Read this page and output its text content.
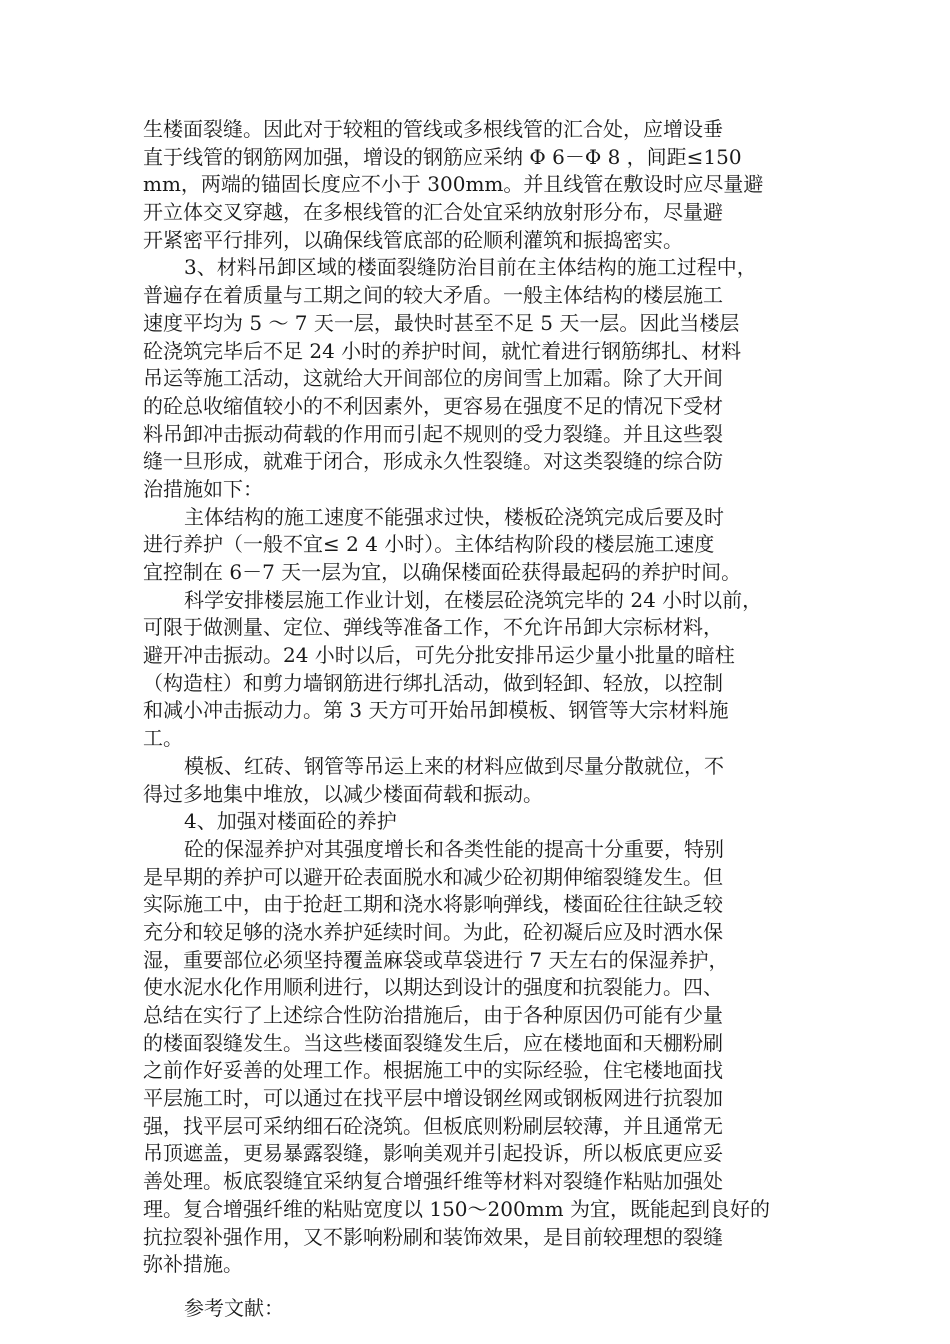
生楼面裂缝。因此对于较粗的管线或多根线管的汇合处，应增设垂
直于线管的钢筋网加强，增设的钢筋应采纳 Φ 6－Φ 8 ，间距≤150
mm，两端的锚固长度应不小于 300mm。并且线管在敷设时应尽量避
开立体交叉穿越，在多根线管的汇合处宜采纳放射形分布，尽量避
开紧密平行排列，以确保线管底部的砼顺利灌筑和振捣密实。
3、材料吊卸区域的楼面裂缝防治目前在主体结构的施工过程中，
普遍存在着质量与工期之间的较大矛盾。一般主体结构的楼层施工
速度平均为 5 ～ 7 天一层，最快时甚至不足 5 天一层。因此当楼层
砼浇筑完毕后不足 24 小时的养护时间，就忙着进行钢筋绑扎、材料
吊运等施工活动，这就给大开间部位的房间雪上加霜。除了大开间
的砼总收缩值较小的不利因素外，更容易在强度不足的情况下受材
料吊卸冲击振动荷载的作用而引起不规则的受力裂缝。并且这些裂
缝一旦形成，就难于闭合，形成永久性裂缝。对这类裂缝的综合防
治措施如下：
主体结构的施工速度不能强求过快，楼板砼浇筑完成后要及时
进行养护（一般不宜≤ 2 4 小时）。主体结构阶段的楼层施工速度
宜控制在 6－7 天一层为宜，以确保楼面砼获得最起码的养护时间。
科学安排楼层施工作业计划，在楼层砼浇筑完毕的 24 小时以前，
可限于做测量、定位、弹线等准备工作，不允许吊卸大宗标材料，
避开冲击振动。24 小时以后，可先分批安排吊运少量小批量的暗柱
（构造柱）和剪力墙钢筋进行绑扎活动，做到轻卸、轻放，以控制
和减小冲击振动力。第 3 天方可开始吊卸模板、钢管等大宗材料施
工。
模板、红砖、钢管等吊运上来的材料应做到尽量分散就位，不
得过多地集中堆放，以减少楼面荷载和振动。
4、加强对楼面砼的养护
砼的保湿养护对其强度增长和各类性能的提高十分重要，特别
是早期的养护可以避开砼表面脱水和减少砼初期伸缩裂缝发生。但
实际施工中，由于抢赶工期和浇水将影响弹线，楼面砼往往缺乏较
充分和较足够的浇水养护延续时间。为此，砼初凝后应及时洒水保
湿，重要部位必须坚持覆盖麻袋或草袋进行 7 天左右的保湿养护，
使水泥水化作用顺利进行，以期达到设计的强度和抗裂能力。四、
总结在实行了上述综合性防治措施后，由于各种原因仍可能有少量
的楼面裂缝发生。当这些楼面裂缝发生后，应在楼地面和天棚粉刷
之前作好妥善的处理工作。根据施工中的实际经验，住宅楼地面找
平层施工时，可以通过在找平层中增设钢丝网或钢板网进行抗裂加
强，找平层可采纳细石砼浇筑。但板底则粉刷层较薄，并且通常无
吊顶遮盖，更易暴露裂缝，影响美观并引起投诉，所以板底更应妥
善处理。板底裂缝宜采纳复合增强纤维等材料对裂缝作粘贴加强处
理。复合增强纤维的粘贴宽度以 150～200mm 为宜，既能起到良好的
抗拉裂补强作用，又不影响粉刷和装饰效果，是目前较理想的裂缝
弥补措施。
参考文献：
